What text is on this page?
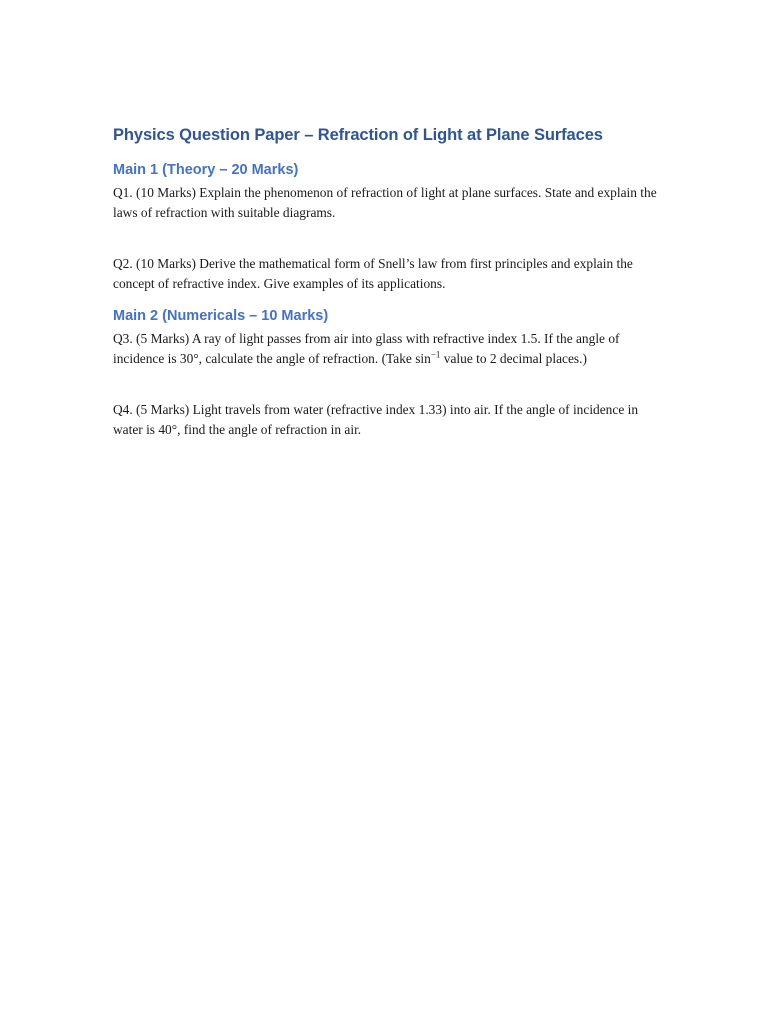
Physics Question Paper – Refraction of Light at Plane Surfaces
Main 1 (Theory – 20 Marks)

Q1. (10 Marks) Explain the phenomenon of refraction of light at plane surfaces. State and explain the laws of refraction with suitable diagrams.

Q2. (10 Marks) Derive the mathematical form of Snell’s law from first principles and explain the concept of refractive index. Give examples of its applications.

Main 2 (Numericals – 10 Marks)

Q3. (5 Marks) A ray of light passes from air into glass with refractive index 1.5. If the angle of incidence is 30°, calculate the angle of refraction. (Take $\sin^{-1}$ value to 2 decimal places.)

Q4. (5 Marks) Light travels from water (refractive index 1.33) into air. If the angle of incidence in water is 40°, find the angle of refraction in air.
